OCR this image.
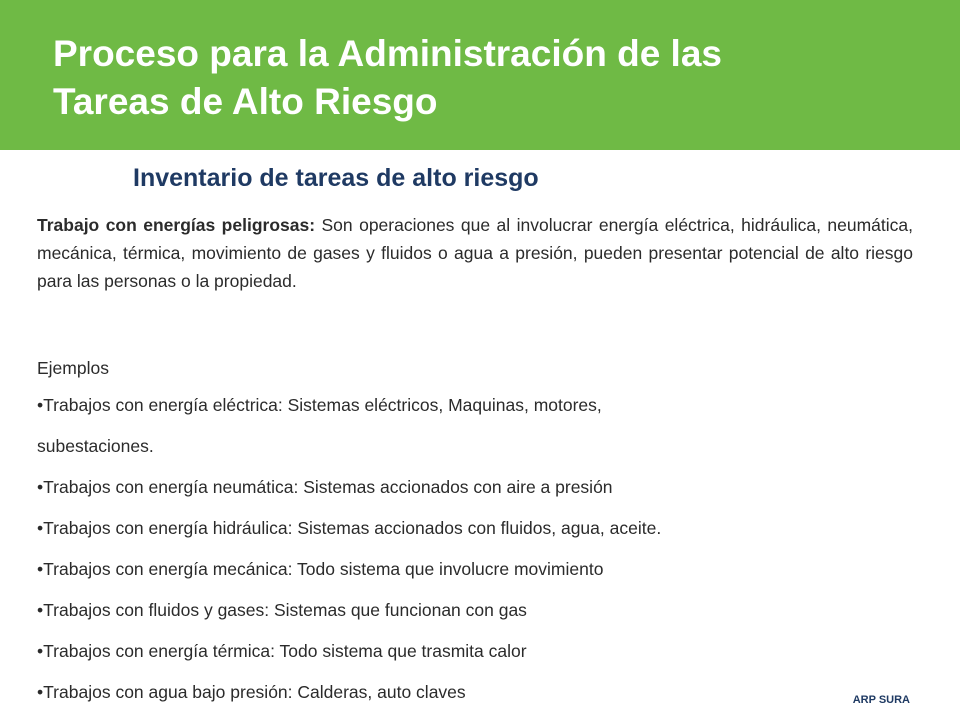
Proceso para la Administración de las
Tareas de Alto Riesgo
Inventario de tareas de alto riesgo

Trabajo con energías peligrosas: Son operaciones que al involucrar energía eléctrica, hidráulica, neumática, mecánica, térmica, movimiento de gases y fluidos o agua a presión, pueden presentar potencial de alto riesgo para las personas o la propiedad.

Ejemplos

•Trabajos con energía eléctrica: Sistemas eléctricos, Maquinas, motores,
subestaciones.
•Trabajos con energía neumática: Sistemas accionados con aire a presión
•Trabajos con energía hidráulica: Sistemas accionados con fluidos, agua, aceite.
•Trabajos con energía mecánica: Todo sistema que involucre movimiento
•Trabajos con fluidos y gases: Sistemas que funcionan con gas
•Trabajos con energía térmica: Todo sistema que trasmita calor
•Trabajos con agua bajo presión: Calderas, auto claves	ARP SURA
